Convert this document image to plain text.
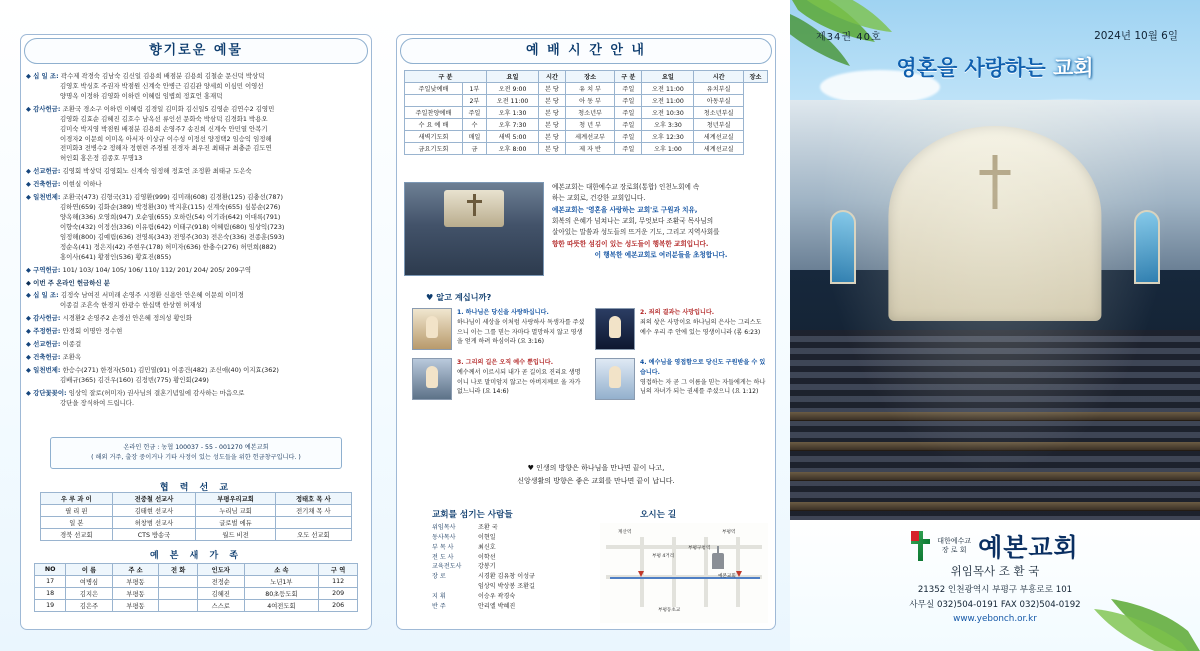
향기로운 예물
◆ 십 일 조: 곽수제 곽경숙 김남숙 김신일 김용희 배점분 김용희 김철순 문신덕 박상덕
김영호 박싱호 주권자 박점원 신계숙 안병근 김김관 양세희 이심민 이영선
양명옥 이정하 김영화 이하린 이혜림 임볍희 정효언 홍재덕
◆ 감사헌금: 조환국 경소구 이하린 이혜림 김경일 김미화 김신일5 김영순 김연수2 김영민
김영화 김효순 김혜진 김호수 남옥선 류인선 문화숙 박삼덕 김경화1 박용오
김미숙 박지영 박점원 배점분 김용희 손영주7 송진희 신계숙 안민열 안복기
이경자2 이문희 이미옥 아서자 이상규 이수성 이정선 양정택2 임승익 임정해
전미화3 전병수2 정해자 정현련 주경필 진경자 최우진 최태규 최충준 김도연
허인회 홍은정 김종호 무명13
◆ 선교헌금: 김영회 박상덕 김영회노 신계숙 임정해 정효언 조정환 최태규 도은숙
◆ 건축헌금: 이현실 이하나
◆ 일천번제: 조환국(473) 김형국(31) 김영환(999) 김미래(608) 김경환(125) 김충선(787)
김하연(659) 김화순(389) 박정환(30) 박지훈(115) 신계숙(655) 심봉순(276)
양옥해(336) 오영희(947) 오순열(655) 오하린(54) 이기라(642) 이대록(791)
이향숙(432) 이정선(336) 이유림(642) 이태구(918) 이혜림(680) 임상익(723)
임정해(800) 김예림(636) 전영록(343) 전영주(303) 전은숙(336) 전종훈(593)
정순옥(41) 정은지(42) 주현우(178) 허미자(636) 한충수(276) 허민희(882)
홍이사(641) 황점인(536) 황효진(855)
◆ 구역헌금: 101/ 103/ 104/ 105/ 106/ 110/ 112/ 201/ 204/ 205/ 209구역
◆ 이번 주 온라인 헌금하신 분
◆ 십 일 조: 김정숙 남여진 서미래 손영주 시경환 신용안 안은혜 이문희 이미경
이종걸 조흔숙 한경지 한광수 한십택 한상현 허재성
◆ 감사헌금: 시경환2 손영주2 손경선 안은혜 정의성 황인화
◆ 주정헌금: 안경회 이명안 정수현
◆ 선교헌금: 이종걸
◆ 건축헌금: 조환옥
◆ 일천번제: 한승수(271) 한경자(501) 김민열(91) 이종건(482) 조신애(40) 이지효(362)
김배규(365) 김건우(160) 김정빈(775) 황인회(249)
◆ 강단꽃꽂이: 임상익 잘로(허미자) 권사님의 결혼기념일에 감사하는 마음으로
강단을 장식하여 드립니다.
온라인 헌금 : 농협 100037 - 55 - 001270 예본교회
( 해외 거주, 출장 중이거나 기타 사정이 있는 성도들을 위한 헌금창구입니다. )
협 력 선 교
우 루 과 이	전중철 선교사	부평우리교회	정태호 목 사
필 리 핀	김태현 선교사	누리님 교회	전기채 목 사
일 본	허창범 선교사	글로벌 에듀	
경북 선교회	CTS 방송국	월드 비전	오도 선교회
예 본 새 가 족
NO	이 름	주 소	전 화	인도자	소 속	구 역
17	여병심	부평동		전정순	노년1부	112
18	김지은	부평동		김혜진	80초등도회	209
19	김은주	부평동		스스로	4여전도회	206
예 배 시 간 안 내
구 분		요일	시간	장소	구 분	요일	시간	장소
주일낮예배	1부	오전 9:00	본 당	유 치 부	주일	오전 11:00	유치부실	
	2부	오전 11:00	본 당	아 동 부	주일	오전 11:00	아동부실	
주일찬양예배	주일	오후 1:30	본 당	청소년부	주일	오전 10:30	청소년부실	
수 요 예 배	수	오후 7:30	본 당	청 년 부	주일	오후 3:30	청년부실	
새벽기도회	매일	새벽 5:00	본 당	세계선교부	주일	오후 12:30	세계선교실	
금요기도회	금	오후 8:00	본 당	제 자 반	주일	오후 1:00	세계선교실	
예본교회는 대한예수교 장로회(통합) 인천노회에 속
하는 교회로, 건강한 교회입니다.
예본교회는 '영혼을 사랑하는 교회'로 구원과 치유,
회복의 은혜가 넘쳐나는 교회, 무엇보다 조환국 목사님의
살아있는 말씀과 성도들의 뜨거운 기도, 그리고 지역사회를
향한 따뜻한 섬김이 있는 성도들이 행복한 교회입니다.
이 행복한 예본교회로 여러분들을 초청합니다.
♥ 알고 계십니까?
1. 하나님은 당신을 사랑하십니다.
하나님이 세상을 이처럼 사랑하사 독생자를 주셨으니 이는 그를 믿는 자마다 멸망하지 않고 영생을 얻게 하려 하심이라 (요 3:16)
2. 죄의 결과는 사망입니다.
죄의 삯은 사망이요 하나님의 은사는 그리스도 예수 우리 주 안에 있는 영생이니라 (롬 6:23)
3. 그리의 길은 오직 예수 뿐입니다.
예수께서 이르시되 내가 곧 길이요 진리요 생명이니 나로 말미암지 않고는 아버지께로 올 자가 없느니라 (요 14:6)
4. 예수님을 영접함으로 당신도 구원받을 수 있습니다.
영접하는 자 곧 그 이름을 믿는 자들에게는 하나님의 자녀가 되는 권세를 주셨으니 (요 1:12)
♥ 인생의 방향은 하나님을 만나면 끝이 나고,
신앙생활의 방향은 좋은 교회를 만나면 끝이 납니다.
교회를 섬기는 사람들
위임목사	조환 국
동사목사	이현일
부 목 사	최신호
전 도 사	이학선
교육전도사	강봉기
장 로	시경환 김유창 이성규
임상익 박상봉 조환길
지 휘	이승우 곽경숙
반 주	안리엘 박혜진
오시는 길
계산역	부평역
부평 4거리
부평구청역
예본교회
부평동초교
제34권 40호	2024년 10월 6일
영혼을 사랑하는 교회
대한예수교
장 로 회 예본교회
위임목사 조 환 국
21352 인천광역시 부평구 부흥로로 101
사무실 032)504-0191 FAX 032)504-0192
www.yebonch.or.kr
